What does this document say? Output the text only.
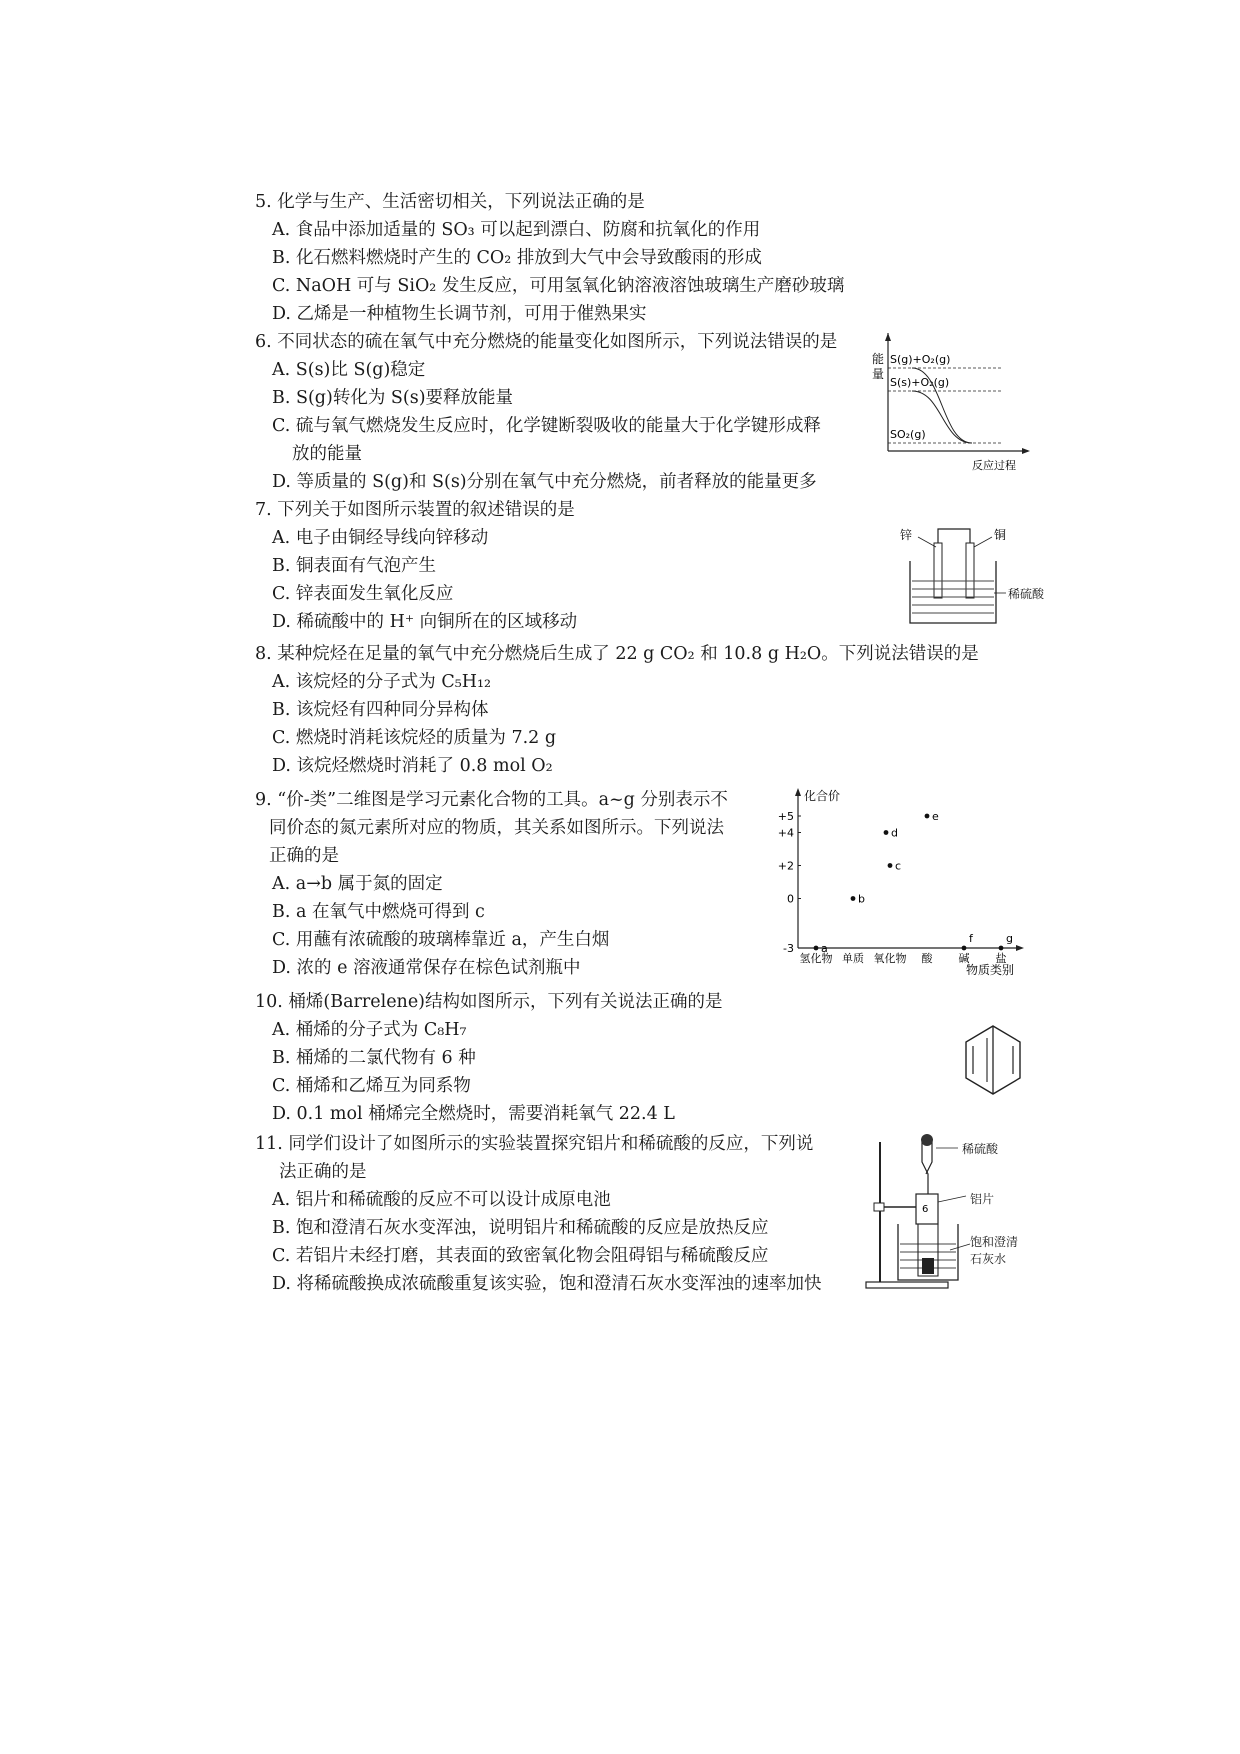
5. 化学与生产、生活密切相关，下列说法正确的是
A. 食品中添加适量的 SO₃ 可以起到漂白、防腐和抗氧化的作用
B. 化石燃料燃烧时产生的 CO₂ 排放到大气中会导致酸雨的形成
C. NaOH 可与 SiO₂ 发生反应，可用氢氧化钠溶液溶蚀玻璃生产磨砂玻璃
D. 乙烯是一种植物生长调节剂，可用于催熟果实
6. 不同状态的硫在氧气中充分燃烧的能量变化如图所示，下列说法错误的是
A. S(s)比 S(g)稳定
B. S(g)转化为 S(s)要释放能量
C. 硫与氧气燃烧发生反应时，化学键断裂吸收的能量大于化学键形成释
放的能量
D. 等质量的 S(g)和 S(s)分别在氧气中充分燃烧，前者释放的能量更多
能
量
S(g)+O₂(g)
S(s)+O₂(g)
SO₂(g)
反应过程
7. 下列关于如图所示装置的叙述错误的是
A. 电子由铜经导线向锌移动
B. 铜表面有气泡产生
C. 锌表面发生氧化反应
D. 稀硫酸中的 H⁺ 向铜所在的区域移动
锌	铜
稀硫酸
8. 某种烷烃在足量的氧气中充分燃烧后生成了 22 g CO₂ 和 10.8 g H₂O。下列说法错误的是
A. 该烷烃的分子式为 C₅H₁₂
B. 该烷烃有四种同分异构体
C. 燃烧时消耗该烷烃的质量为 7.2 g
D. 该烷烃燃烧时消耗了 0.8 mol O₂
9. “价-类”二维图是学习元素化合物的工具。a~g 分别表示不
同价态的氮元素所对应的物质，其关系如图所示。下列说法
正确的是
A. a→b 属于氮的固定
B. a 在氧气中燃烧可得到 c
C. 用蘸有浓硫酸的玻璃棒靠近 a，产生白烟
D. 浓的 e 溶液通常保存在棕色试剂瓶中
化合价
物质类别
+5
+4
+2
0
-3
氢化物 单质 氧化物 酸 碱 盐
a
b
c
d
e
f	g
10. 桶烯(Barrelene)结构如图所示，下列有关说法正确的是
A. 桶烯的分子式为 C₈H₇
B. 桶烯的二氯代物有 6 种
C. 桶烯和乙烯互为同系物
D. 0.1 mol 桶烯完全燃烧时，需要消耗氧气 22.4 L
11. 同学们设计了如图所示的实验装置探究铝片和稀硫酸的反应，下列说
法正确的是
A. 铝片和稀硫酸的反应不可以设计成原电池
B. 饱和澄清石灰水变浑浊，说明铝片和稀硫酸的反应是放热反应
C. 若铝片未经打磨，其表面的致密氧化物会阻碍铝与稀硫酸反应
D. 将稀硫酸换成浓硫酸重复该实验，饱和澄清石灰水变浑浊的速率加快
6
稀硫酸
铝片
饱和澄清
石灰水
